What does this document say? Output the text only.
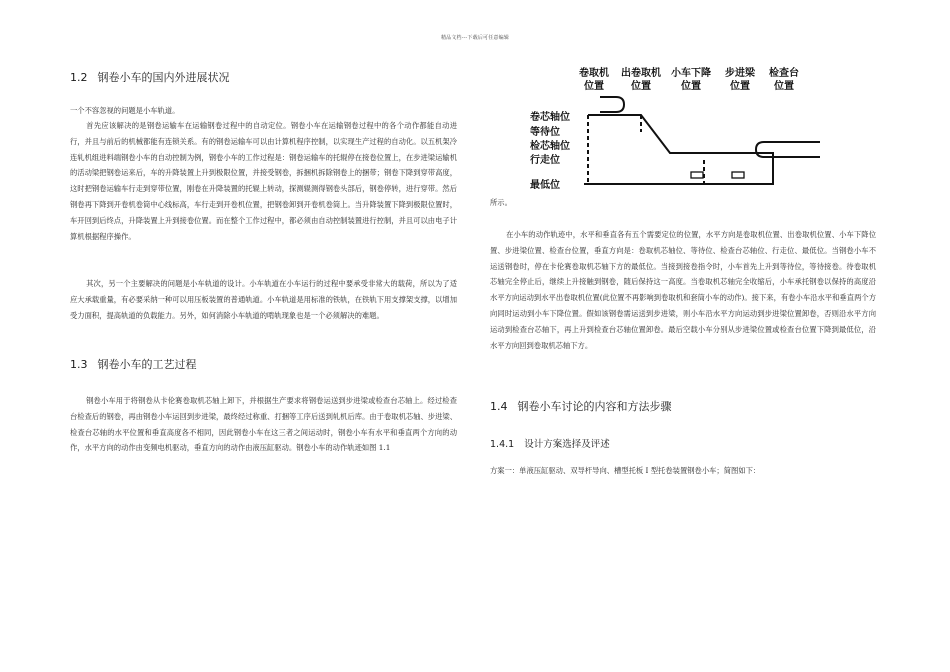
精品文档---下载后可任意编辑
1.2 钢卷小车的国内外进展状况
一个不容忽视的问题是小车轨道。
首先应该解决的是钢卷运输车在运输钢卷过程中的自动定位。钢卷小车在运输钢卷过程中的各个动作都能自动进行，并且与前后的机械都能有连锁关系。有的钢卷运输车可以由计算机程序控制，以实现生产过程的自动化。以五机架冷连轧机组进料端钢卷小车的自动控制为例，钢卷小车的工作过程是：钢卷运输车的托辊停在接卷位置上，在步进梁运输机的活动梁把钢卷运来后，车的升降装置上升到极限位置，并接受钢卷，拆捆机拆除钢卷上的捆带；钢卷下降到穿带高度，这时把钢卷运输车行走到穿带位置，刚卷在升降装置的托辊上转动，探测辊测得钢卷头部后，钢卷停转，进行穿带。然后钢卷再下降到开卷机卷筒中心线标高，车行走到开卷机位置，把钢卷卸到开卷机卷筒上。当升降装置下降到极限位置时，车开回到后终点，升降装置上升到接卷位置。而在整个工作过程中，都必须由自动控制装置进行控制，并且可以由电子计算机根据程序操作。
其次，另一个主要解决的问题是小车轨道的设计。小车轨道在小车运行的过程中要承受非常大的载荷，所以为了适应大承载重量，有必要采纳一种可以用压板装置的普通轨道。小车轨道是用标准的铁轨，在铁轨下用支撑架支撑，以增加受力面积，提高轨道的负载能力。另外，如何消除小车轨道的啃轨现象也是一个必须解决的难题。
1.3 钢卷小车的工艺过程
钢卷小车用于将钢卷从卡伦赛卷取机芯轴上卸下，并根据生产要求将钢卷运送到步进梁或检查台芯轴上。经过检查台检查后的钢卷，再由钢卷小车运回到步进梁，最终经过称重、打捆等工序后送到轧机后库。由于卷取机芯轴、步进梁、检查台芯轴的水平位置和垂直高度各不相同，因此钢卷小车在这三者之间运动时，钢卷小车有水平和垂直两个方向的动作，水平方向的动作由变频电机驱动，垂直方向的动作由液压缸驱动。钢卷小车的动作轨迹如图 1.1
卷取机
位置
出卷取机
位置
小车下降
位置
步进梁
位置
检查台
位置
卷芯轴位
等待位
检芯轴位
行走位
最低位
所示。
在小车的动作轨迹中，水平和垂直各有五个需要定位的位置，水平方向是卷取机位置、出卷取机位置、小车下降位置、步进梁位置、检查台位置，垂直方向是：卷取机芯轴位、等待位、检查台芯轴位、行走位、最低位。当钢卷小车不运送钢卷时，停在卡伦赛卷取机芯轴下方的最低位。当接到接卷指令时，小车首先上升到等待位，等待接卷。待卷取机芯轴完全停止后，继续上升接触到钢卷，随后保持这一高度。当卷取机芯轴完全收缩后，小车承托钢卷以保持的高度沿水平方向运动到水平出卷取机位置(此位置不再影响到卷取机和套筒小车的动作)。接下来，有卷小车沿水平和垂直两个方向同时运动到小车下降位置。假如该钢卷需运送到步进梁，则小车沿水平方向运动到步进梁位置卸卷，否则沿水平方向运动到检查台芯轴下，再上升到检查台芯轴位置卸卷。最后空载小车分别从步进梁位置或检查台位置下降到最低位，沿水平方向回到卷取机芯轴下方。
1.4 钢卷小车讨论的内容和方法步骤
1.4.1 设计方案选择及评述
方案一：单液压缸驱动、双导杆导向、槽型托板 I 型托卷装置钢卷小车；简图如下：
